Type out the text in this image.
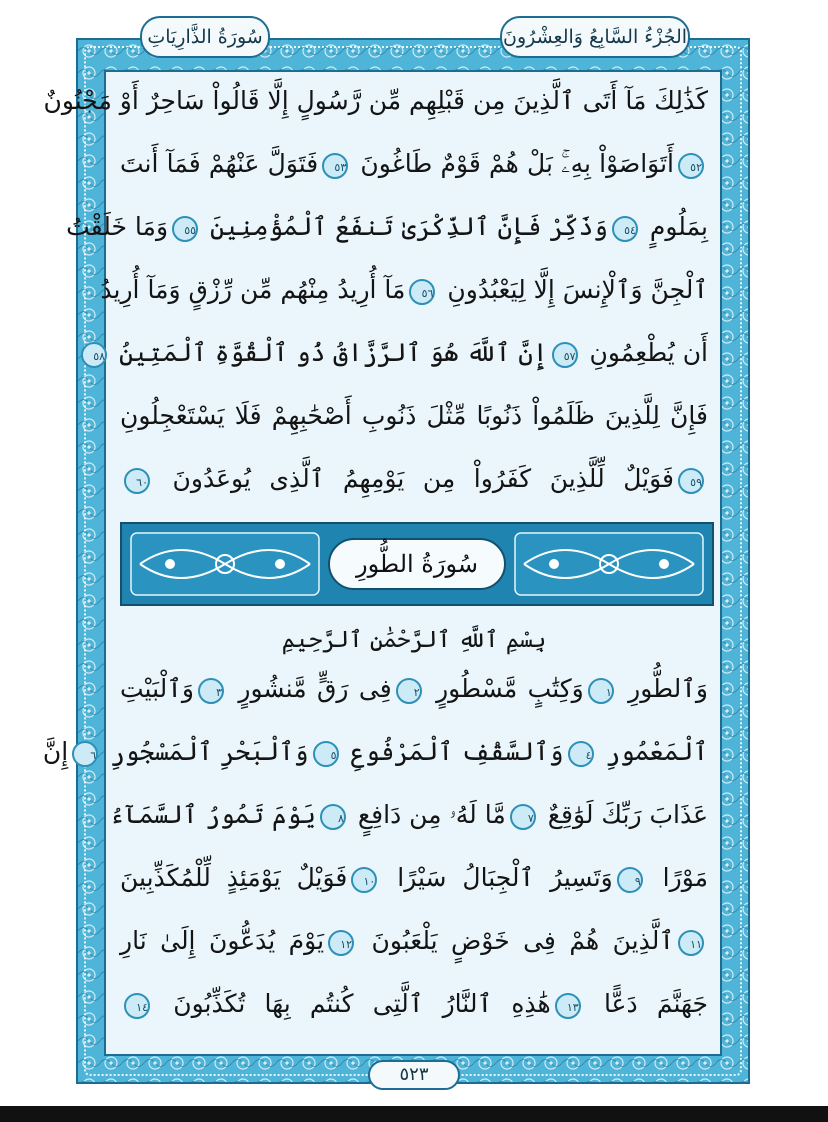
سُورَةُ الذَّارِيَاتِ	الجُزْءُ السَّابِعُ وَالعِشْرُونَ
كَذَٰلِكَ مَآ أَتَى ٱلَّذِينَ مِن قَبْلِهِم مِّن رَّسُولٍ إِلَّا قَالُواْ سَاحِرٌ أَوْ مَجْنُونٌ
٥٢أَتَوَاصَوْاْ بِهِۦۚ بَلْ هُمْ قَوْمٌ طَاغُونَ ٥٣فَتَوَلَّ عَنْهُمْ فَمَآ أَنتَ
بِمَلُومٍ ٥٤وَذَكِّرْ فَإِنَّ ٱلذِّكْرَىٰ تَنفَعُ ٱلْمُؤْمِنِينَ ٥٥وَمَا خَلَقْتُ
ٱلْجِنَّ وَٱلْإِنسَ إِلَّا لِيَعْبُدُونِ ٥٦مَآ أُرِيدُ مِنْهُم مِّن رِّزْقٍ وَمَآ أُرِيدُ
أَن يُطْعِمُونِ ٥٧إِنَّ ٱللَّهَ هُوَ ٱلرَّزَّاقُ ذُو ٱلْقُوَّةِ ٱلْمَتِينُ ٥٨
فَإِنَّ لِلَّذِينَ ظَلَمُواْ ذَنُوبًا مِّثْلَ ذَنُوبِ أَصْحَٰبِهِمْ فَلَا يَسْتَعْجِلُونِ
٥٩فَوَيْلٌ لِّلَّذِينَ كَفَرُواْ مِن يَوْمِهِمُ ٱلَّذِى يُوعَدُونَ ٦٠
سُورَةُ الطُّورِ
بِسْمِ ٱللَّهِ ٱلرَّحْمَٰنِ ٱلرَّحِيمِ
وَٱلطُّورِ ١وَكِتَٰبٍ مَّسْطُورٍ ٢فِى رَقٍّ مَّنشُورٍ ٣وَٱلْبَيْتِ
ٱلْمَعْمُورِ ٤وَٱلسَّقْفِ ٱلْمَرْفُوعِ ٥وَٱلْبَحْرِ ٱلْمَسْجُورِ ٦إِنَّ
عَذَابَ رَبِّكَ لَوَٰقِعٌ ٧مَّا لَهُۥ مِن دَافِعٍ ٨يَوْمَ تَمُورُ ٱلسَّمَآءُ
مَوْرًا ٩وَتَسِيرُ ٱلْجِبَالُ سَيْرًا ١٠فَوَيْلٌ يَوْمَئِذٍ لِّلْمُكَذِّبِينَ
١١ٱلَّذِينَ هُمْ فِى خَوْضٍ يَلْعَبُونَ ١٢يَوْمَ يُدَعُّونَ إِلَىٰ نَارِ
جَهَنَّمَ دَعًّا ١٣هَٰذِهِ ٱلنَّارُ ٱلَّتِى كُنتُم بِهَا تُكَذِّبُونَ ١٤
٥٢٣
